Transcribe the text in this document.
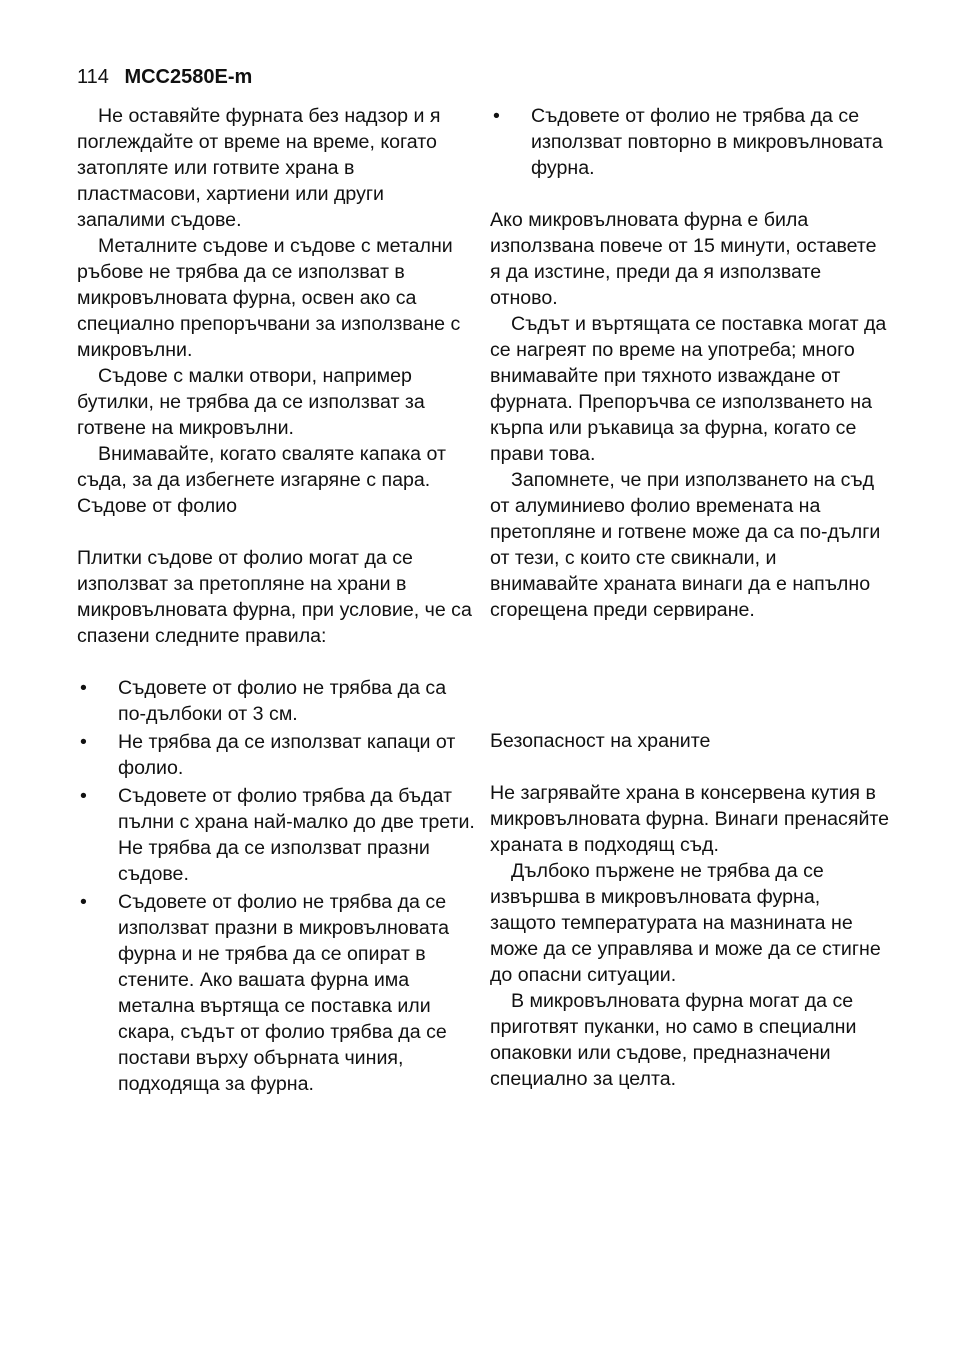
114 MCC2580E-m

Не оставяйте фурната без надзор и я поглеждайте от време на време, когато затопляте или готвите храна в пластмасови, хартиени или други запалими съдове.

Металните съдове и съдове с метални ръбове не трябва да се използват в микровълновата фурна, освен ако са специално препоръчвани за използване с микровълни.

Съдове с малки отвори, например бутилки, не трябва да се използват за готвене на микровълни.

Внимавайте, когато сваляте капака от съда, за да избегнете изгаряне с пара.

Съдове от фолио

Плитки съдове от фолио могат да се използват за претопляне на храни в микровълновата фурна, при условие, че са спазени следните правила:

• Съдовете от фолио не трябва да са по-дълбоки от 3 см.
• Не трябва да се използват капаци от фолио.
• Съдовете от фолио трябва да бъдат пълни с храна най-малко до две трети. Не трябва да се използват празни съдове.
• Съдовете от фолио не трябва да се използват празни в микровълновата фурна и не трябва да се опират в стените. Ако вашата фурна има метална въртяща се поставка или скара, съдът от фолио трябва да се постави върху обърната чиния, подходяща за фурна.
• Съдовете от фолио не трябва да се използват повторно в микровълновата фурна.

Ако микровълновата фурна е била използвана повече от 15 минути, оставете я да изстине, преди да я използвате отново.

Съдът и въртящата се поставка могат да се нагреят по време на употреба; много внимавайте при тяхното изваждане от фурната. Препоръчва се използването на кърпа или ръкавица за фурна, когато се прави това.

Запомнете, че при използването на съд от алуминиево фолио времената на претопляне и готвене може да са по-дълги от тези, с които сте свикнали, и внимавайте храната винаги да е напълно сгорещена преди сервиране.

Безопасност на храните

Не загрявайте храна в консервена кутия в микровълновата фурна. Винаги пренасяйте храната в подходящ съд.

Дълбоко пържене не трябва да се извършва в микровълновата фурна, защото температурата на мазнината не може да се управлява и може да се стигне до опасни ситуации.

В микровълновата фурна могат да се приготвят пуканки, но само в специални опаковки или съдове, предназначени специално за целта.
